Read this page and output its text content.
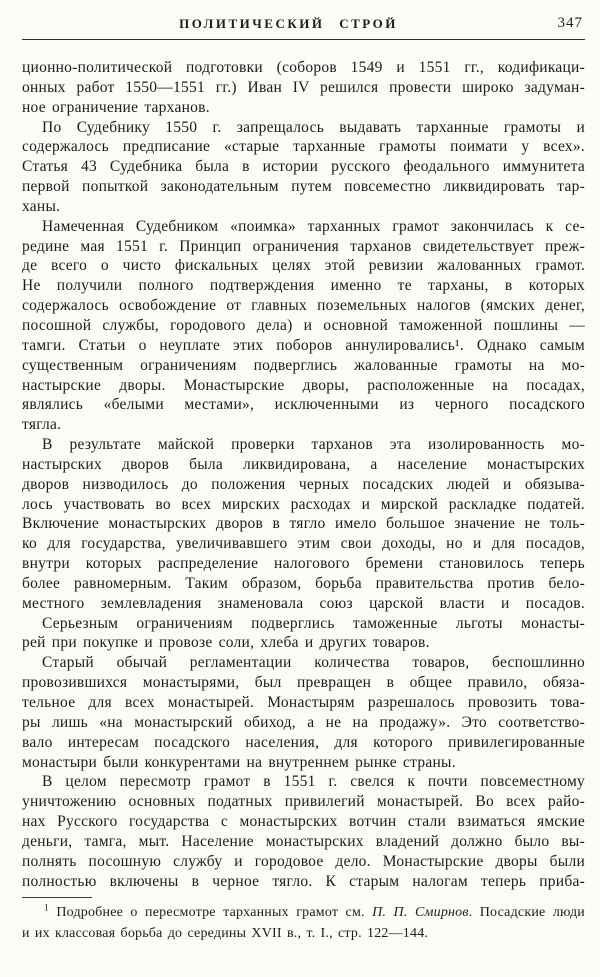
ПОЛИТИЧЕСКИЙ СТРОЙ	347
ционно-политической подготовки (соборов 1549 и 1551 гг., кодификаци-
онных работ 1550—1551 гг.) Иван IV решился провести широко задуман-
ное ограничение тарханов.
По Судебнику 1550 г. запрещалось выдавать тарханные грамоты и
содержалось предписание «старые тарханные грамоты поимати у всех».
Статья 43 Судебника была в истории русского феодального иммунитета
первой попыткой законодательным путем повсеместно ликвидировать тар-
ханы.
Намеченная Судебником «поимка» тарханных грамот закончилась к се-
редине мая 1551 г. Принцип ограничения тарханов свидетельствует преж-
де всего о чисто фискальных целях этой ревизии жалованных грамот.
Не получили полного подтверждения именно те тарханы, в которых
содержалось освобождение от главных поземельных налогов (ямских денег,
посошной службы, городового дела) и основной таможенной пошлины —
тамги. Статьи о неуплате этих поборов аннулировались¹. Однако самым
существенным ограничениям подверглись жалованные грамоты на мо-
настырские дворы. Монастырские дворы, расположенные на посадах,
являлись «белыми местами», исключенными из черного посадского
тягла.
В результате майской проверки тарханов эта изолированность мо-
настырских дворов была ликвидирована, а население монастырских
дворов низводилось до положения черных посадских людей и обязыва-
лось участвовать во всех мирских расходах и мирской раскладке податей.
Включение монастырских дворов в тягло имело большое значение не толь-
ко для государства, увеличивавшего этим свои доходы, но и для посадов,
внутри которых распределение налогового бремени становилось теперь
более равномерным. Таким образом, борьба правительства против бело-
местного землевладения знаменовала союз царской власти и посадов.
Серьезным ограничениям подверглись таможенные льготы монасты-
рей при покупке и провозе соли, хлеба и других товаров.
Старый обычай регламентации количества товаров, беспошлинно
провозившихся монастырями, был превращен в общее правило, обяза-
тельное для всех монастырей. Монастырям разрешалось провозить това-
ры лишь «на монастырский обиход, а не на продажу». Это соответство-
вало интересам посадского населения, для которого привилегированные
монастыри были конкурентами на внутреннем рынке страны.
В целом пересмотр грамот в 1551 г. свелся к почти повсеместному
уничтожению основных податных привилегий монастырей. Во всех райо-
нах Русского государства с монастырских вотчин стали взиматься ямские
деньги, тамга, мыт. Население монастырских владений должно было вы-
полнять посошную службу и городовое дело. Монастырские дворы были
полностью включены в черное тягло. К старым налогам теперь приба-
$^1$ Подробнее о пересмотре тарханных грамот см. П. П. Смирнов. Посадские люди
и их классовая борьба до середины XVII в., т. I., стр. 122—144.
